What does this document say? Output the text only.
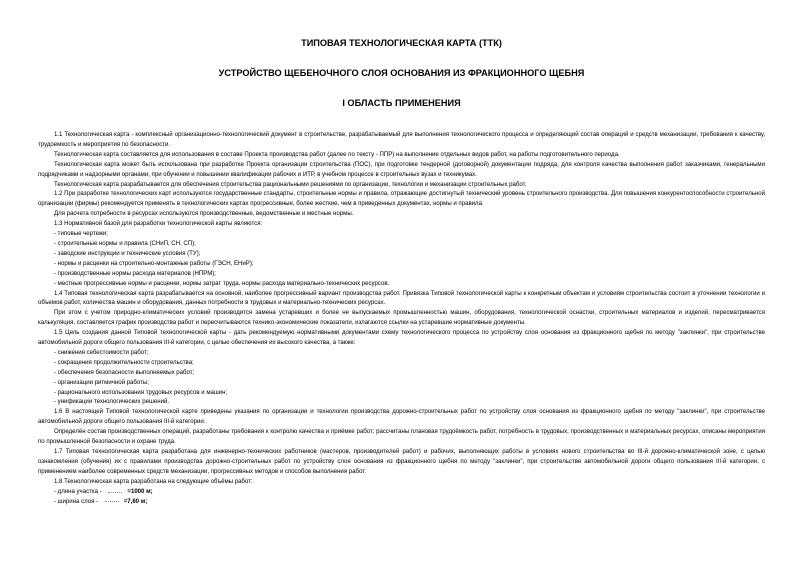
ТИПОВАЯ ТЕХНОЛОГИЧЕСКАЯ КАРТА (ТТК)

УСТРОЙСТВО ЩЕБЕНОЧНОГО СЛОЯ ОСНОВАНИЯ ИЗ ФРАКЦИОННОГО ЩЕБНЯ

I ОБЛАСТЬ ПРИМЕНЕНИЯ

1.1 Технологическая карта - комплексный организационно-технологический документ в строительстве, разрабатываемый для выполнения технологического процесса и определяющий состав операций и средств механизации, требования к качеству, трудоемкость и мероприятия по безопасности.

Технологическая карта составляется для использования в составе Проекта производства работ (далее по тексту - ППР) на выполнение отдельных видов работ, на работы подготовительного периода.

Технологическая карта может быть использована при разработке Проекта организации строительства (ПОС), при подготовке тендерной (договорной) документации подряда, для контроля качества выполнения работ заказчиками, генеральными подрядчиками и надзорными органами, при обучении и повышении квалификации рабочих и ИТР, в учебном процессе в строительных вузах и техникумах.

Технологическая карта разрабатывается для обеспечения строительства рациональными решениями по организации, технологии и механизации строительных работ.

1.2 При разработке технологических карт используются государственные стандарты, строительные нормы и правила, отражающие достигнутый технический уровень строительного производства. Для повышения конкурентоспособности строительной организации (фирмы) рекомендуется применять в технологических картах прогрессивные, более жесткие, чем в приведенных документах, нормы и правила.

Для расчета потребности в ресурсах используются производственные, ведомственные и местные нормы.

1.3 Нормативной базой для разработки технологической карты являются:

- типовые чертежи;

- строительные нормы и правила (СНиП, СН, СП);

- заводские инструкции и технические условия (ТУ);

- нормы и расценки на строительно-монтажные работы (ГЭСН, ЕНиР);

- производственные нормы расхода материалов (НПРМ);

- местные прогрессивные нормы и расценки, нормы затрат труда, нормы расхода материально-технических ресурсов.

1.4 Типовая технологическая карта разрабатывается на основной, наиболее прогрессивный вариант производства работ. Привязка Типовой технологической карты к конкретным объектам и условиям строительства состоит в уточнении технологии и объемов работ, количества машин и оборудования, данных потребности в трудовых и материально-технических ресурсах.

При этом с учетом природно-климатических условий производится замена устаревших и более не выпускаемых промышленностью машин, оборудования, технологической оснастки, строительных материалов и изделий, пересматривается калькуляция, составляется график производства работ и пересчитываются технико-экономические показатели, излагаются ссылки на устаревшие нормативные документы.

1.5 Цель создания данной Типовой технологической карты - дать рекомендуемую нормативными документами схему технологического процесса по устройству слоя основания из фракционного щебня по методу "заклинки", при строительстве автомобильной дороги общего пользования III-й категории, с целью обеспечения их высокого качества, а также:

- снижения себестоимости работ;

- сокращения продолжительности строительства;

- обеспечения безопасности выполняемых работ;

- организации ритмичной работы;

- рационального использования трудовых ресурсов и машин;

- унификации технологических решений.

1.6 В настоящей Типовой технологической карте приведены указания по организации и технологии производства дорожно-строительных работ по устройству слоя основания из фракционного щебня по методу "заклинки", при строительстве автомобильной дороги общего пользования III-й категории.

Определён состав производственных операций, разработаны требования к контролю качества и приёмке работ; рассчитаны плановая трудоёмкость работ, потребность в трудовых, производственных и материальных ресурсах, описаны мероприятия по промышленной безопасности и охране труда.

1.7 Типовая технологическая карта разработана для инженерно-технических работников (мастеров, производителей работ) и рабочих, выполняющих работы в условиях нового строительства во III-й дорожно-климатической зоне, с целью ознакомления (обучения) их с правилами производства дорожно-строительных работ по устройству слоя основания из фракционного щебня по методу "заклинки", при строительстве автомобильной дороги общего пользования III-й категории, с применением наиболее современных средств механизации, прогрессивных методов и способов выполнения работ.

1.8 Технологическая карта разработана на следующие объёмы работ:

- длина участка -	=1000 м;

- ширина слоя -	=7,60 м;
